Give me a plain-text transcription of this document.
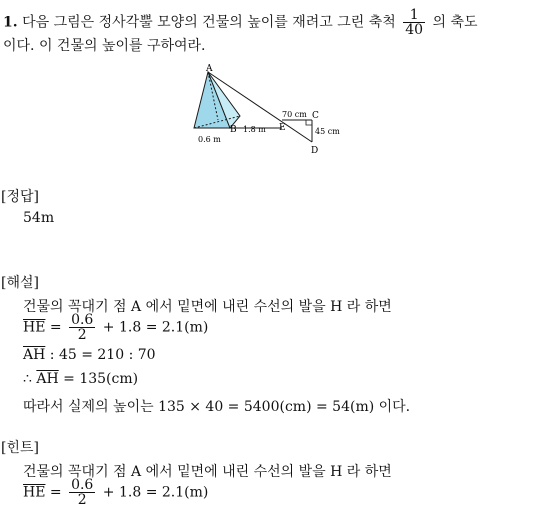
1. 다음 그림은 정사각뿔 모양의 건물의 높이를 재려고 그린 축척 $\frac{1}{40}$ 의 축도
이다. 이 건물의 높이를 구하여라.
A
B	E
C
D
0.6 m
1.8 m
70 cm
45 cm
[정답]
54m
[해설]
건물의 꼭대기 점 A 에서 밑면에 내린 수선의 발을 H 라 하면
$\overline{HE} = \frac{0.6}{2} + 1.8 = 2.1(m)$
$\overline{AH}$ : 45 = 210 : 70
∴ $\overline{AH} = 135(cm)$
따라서 실제의 높이는 135 × 40 = 5400(cm) = 54(m) 이다.
[힌트]
건물의 꼭대기 점 A 에서 밑면에 내린 수선의 발을 H 라 하면
$\overline{HE} = \frac{0.6}{2} + 1.8 = 2.1(m)$
